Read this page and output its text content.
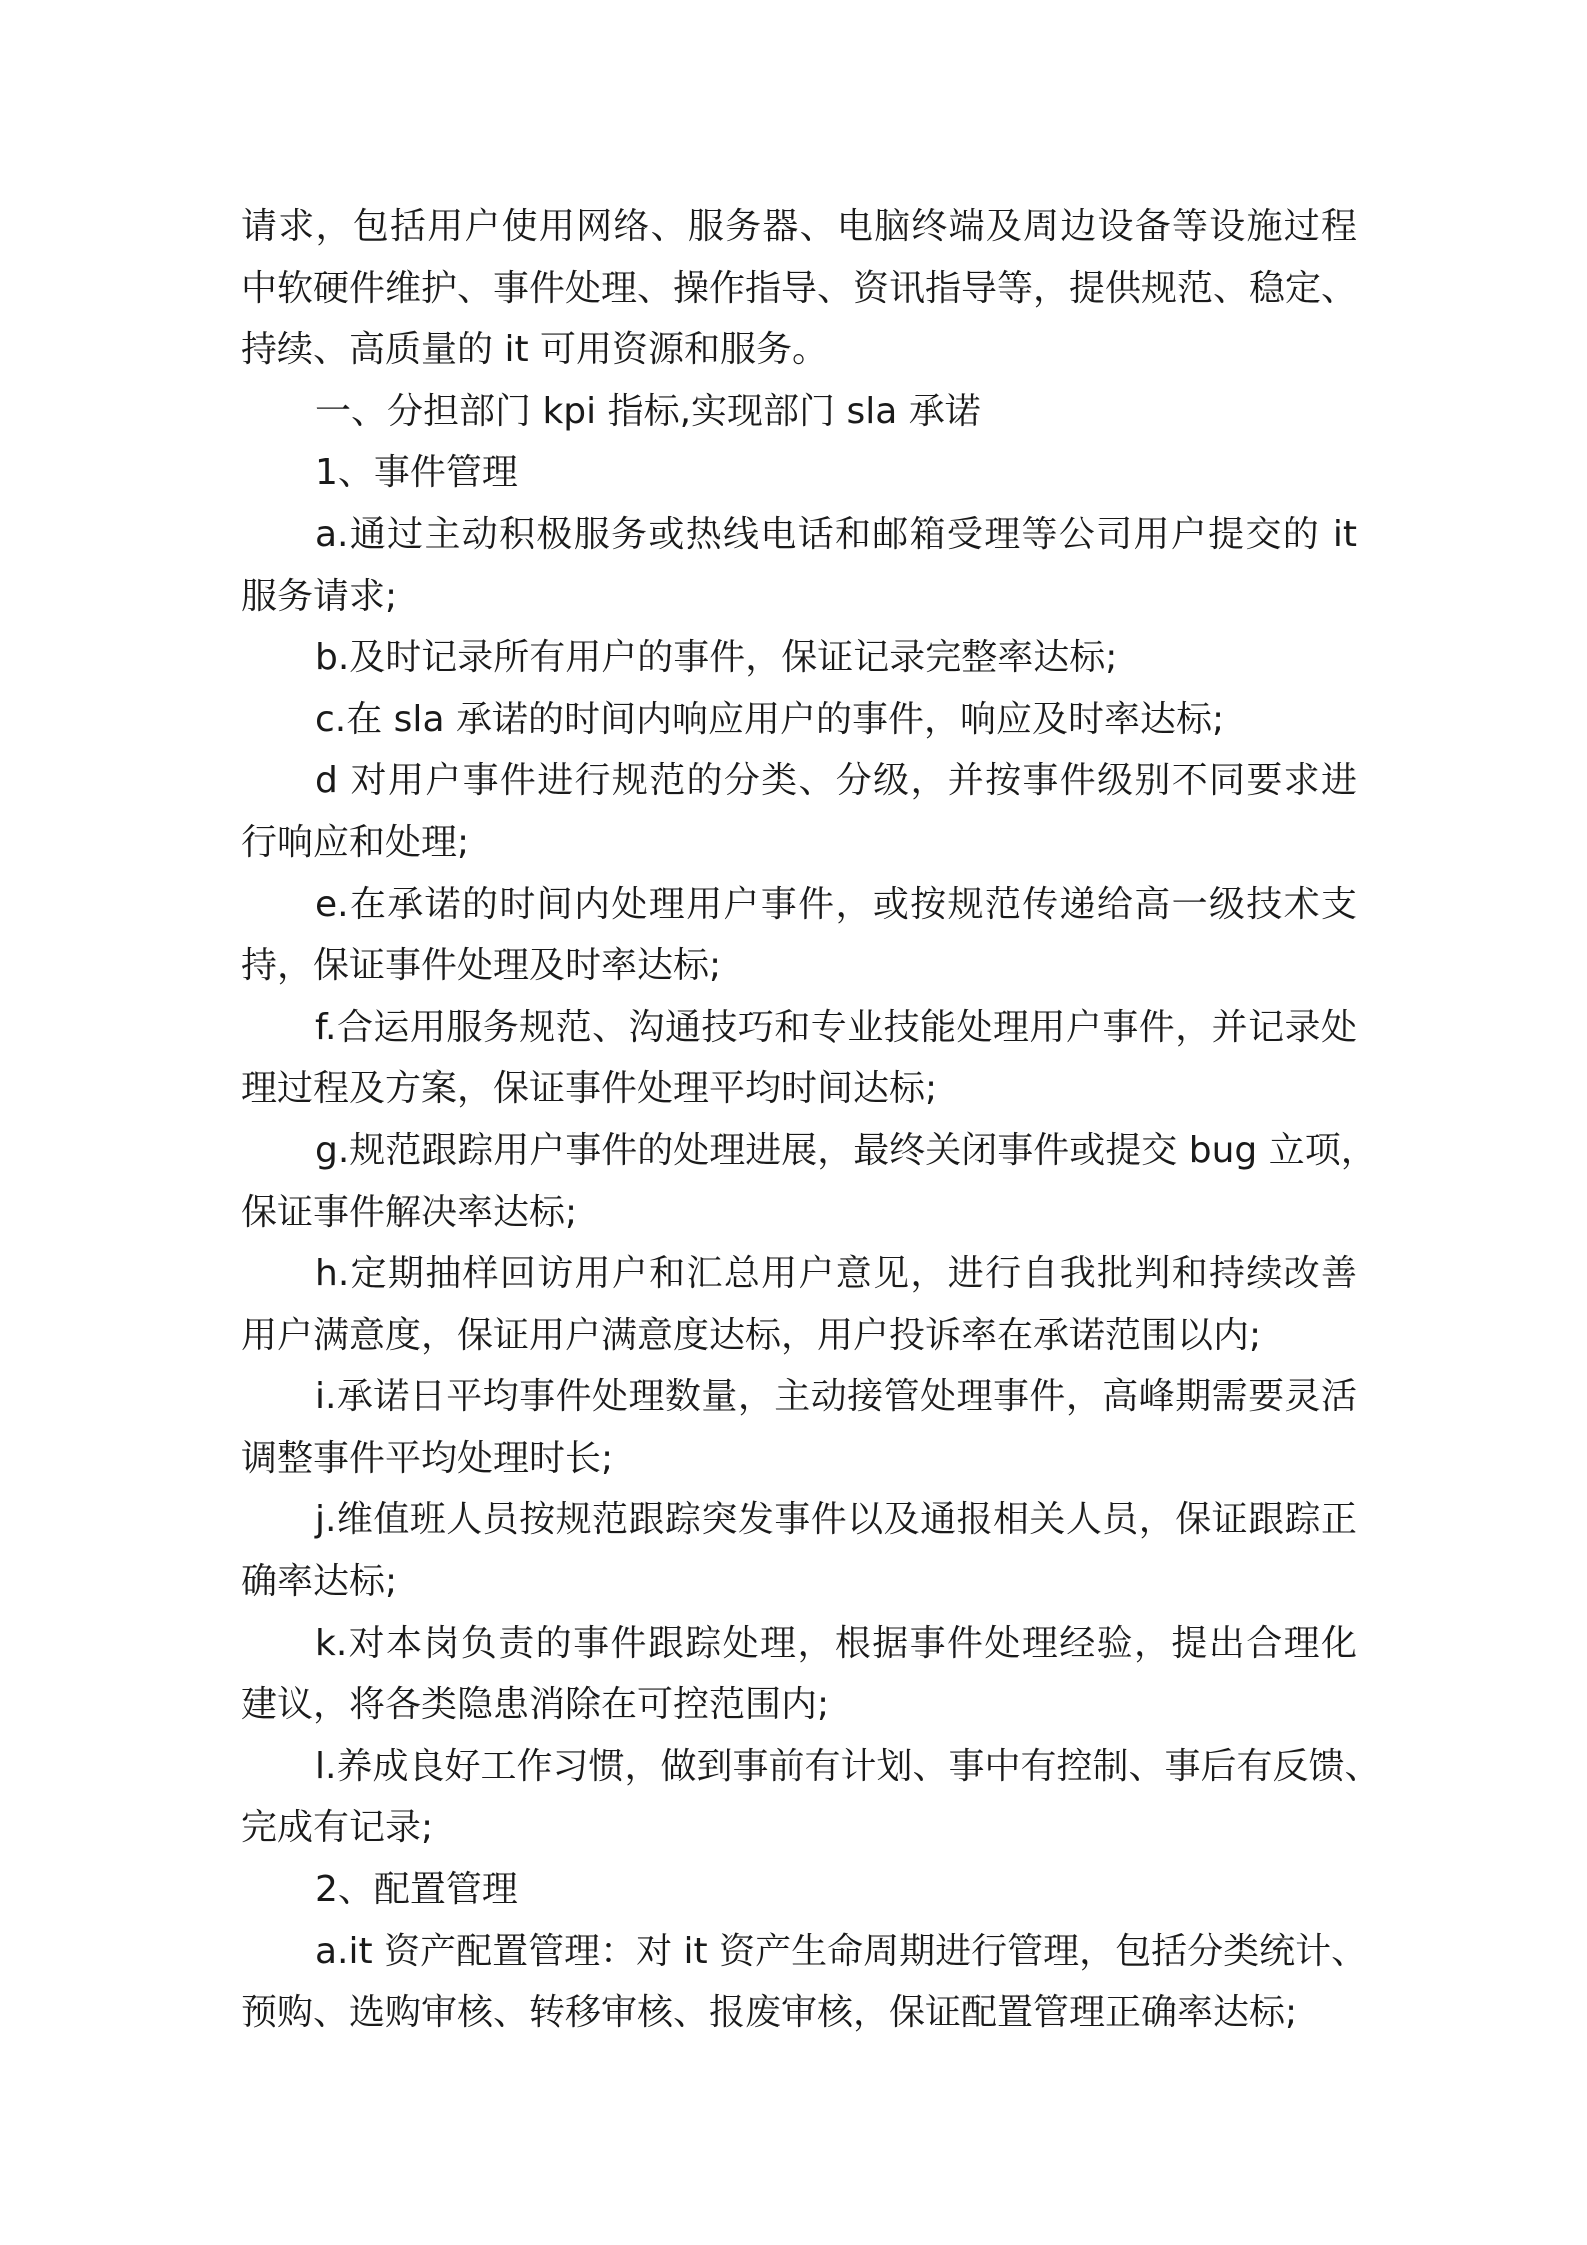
请求，包括用户使用网络、服务器、电脑终端及周边设备等设施过程
中软硬件维护、事件处理、操作指导、资讯指导等，提供规范、稳定、
持续、高质量的 it 可用资源和服务。
一、分担部门 kpi 指标,实现部门 sla 承诺
1、事件管理
a.通过主动积极服务或热线电话和邮箱受理等公司用户提交的 it
服务请求;
b.及时记录所有用户的事件，保证记录完整率达标;
c.在 sla 承诺的时间内响应用户的事件，响应及时率达标;
d 对用户事件进行规范的分类、分级，并按事件级别不同要求进
行响应和处理;
e.在承诺的时间内处理用户事件，或按规范传递给高一级技术支
持，保证事件处理及时率达标;
f.合运用服务规范、沟通技巧和专业技能处理用户事件，并记录处
理过程及方案，保证事件处理平均时间达标;
g.规范跟踪用户事件的处理进展，最终关闭事件或提交 bug 立项，
保证事件解决率达标;
h.定期抽样回访用户和汇总用户意见，进行自我批判和持续改善
用户满意度，保证用户满意度达标，用户投诉率在承诺范围以内;
i.承诺日平均事件处理数量，主动接管处理事件，高峰期需要灵活
调整事件平均处理时长;
j.维值班人员按规范跟踪突发事件以及通报相关人员，保证跟踪正
确率达标;
k.对本岗负责的事件跟踪处理，根据事件处理经验，提出合理化
建议，将各类隐患消除在可控范围内;
l.养成良好工作习惯，做到事前有计划、事中有控制、事后有反馈、
完成有记录;
2、配置管理
a.it 资产配置管理：对 it 资产生命周期进行管理，包括分类统计、
预购、选购审核、转移审核、报废审核，保证配置管理正确率达标;
